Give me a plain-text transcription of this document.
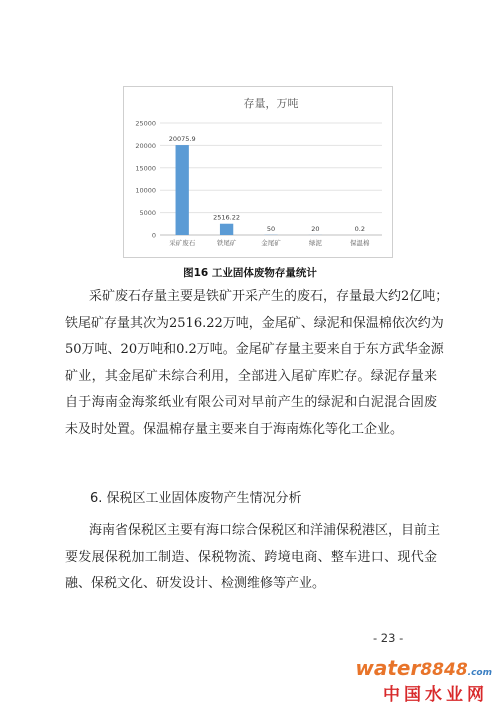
存量，万吨
0
5000
10000
15000
20000
25000
20075.9
采矿废石
2516.22
铁尾矿
50
金尾矿
20
绿泥
0.2
保温棉
图16 工业固体废物存量统计
采矿废石存量主要是铁矿开采产生的废石，存量最大约2亿吨；
铁尾矿存量其次为2516.22万吨，金尾矿、绿泥和保温棉依次约为
50万吨、20万吨和0.2万吨。金尾矿存量主要来自于东方武华金源
矿业，其金尾矿未综合利用，全部进入尾矿库贮存。绿泥存量来
自于海南金海浆纸业有限公司对早前产生的绿泥和白泥混合固废
未及时处置。保温棉存量主要来自于海南炼化等化工企业。
6. 保税区工业固体废物产生情况分析
海南省保税区主要有海口综合保税区和洋浦保税港区，目前主
要发展保税加工制造、保税物流、跨境电商、整车进口、现代金
融、保税文化、研发设计、检测维修等产业。
- 23 -
water8848.com
中国水业网
